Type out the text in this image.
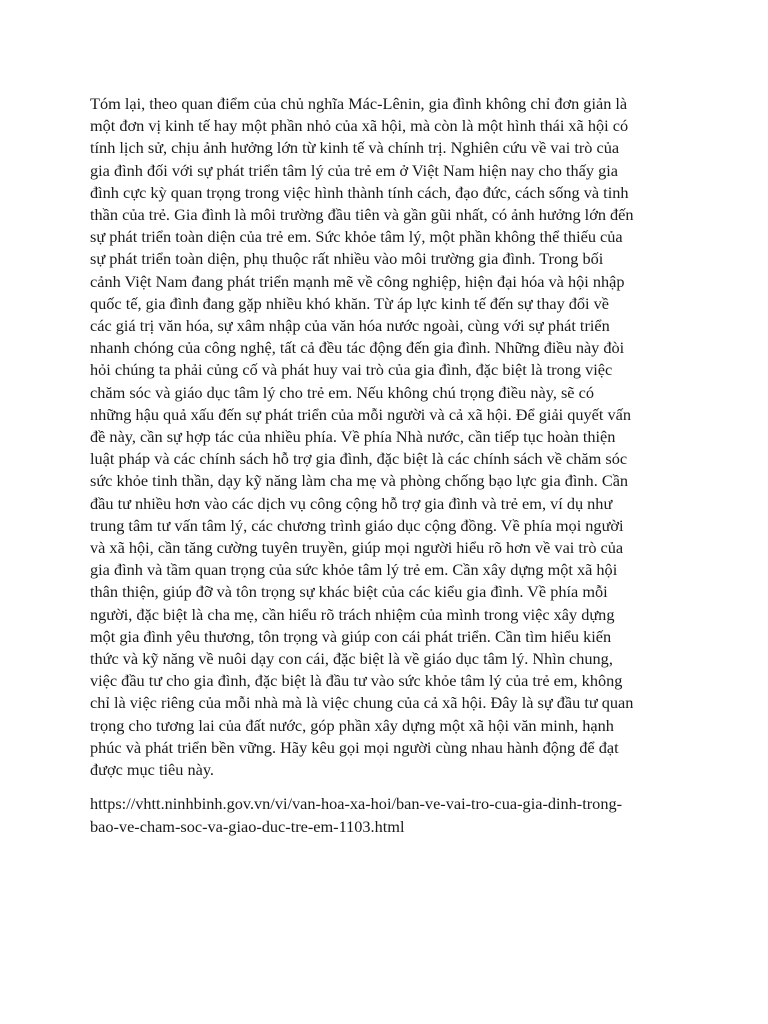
Tóm lại, theo quan điểm của chủ nghĩa Mác-Lênin, gia đình không chỉ đơn giản là
một đơn vị kinh tế hay một phần nhỏ của xã hội, mà còn là một hình thái xã hội có
tính lịch sử, chịu ảnh hưởng lớn từ kinh tế và chính trị. Nghiên cứu về vai trò của
gia đình đối với sự phát triển tâm lý của trẻ em ở Việt Nam hiện nay cho thấy gia
đình cực kỳ quan trọng trong việc hình thành tính cách, đạo đức, cách sống và tinh
thần của trẻ. Gia đình là môi trường đầu tiên và gần gũi nhất, có ảnh hưởng lớn đến
sự phát triển toàn diện của trẻ em. Sức khỏe tâm lý, một phần không thể thiếu của
sự phát triển toàn diện, phụ thuộc rất nhiều vào môi trường gia đình. Trong bối
cảnh Việt Nam đang phát triển mạnh mẽ về công nghiệp, hiện đại hóa và hội nhập
quốc tế, gia đình đang gặp nhiều khó khăn. Từ áp lực kinh tế đến sự thay đổi về
các giá trị văn hóa, sự xâm nhập của văn hóa nước ngoài, cùng với sự phát triển
nhanh chóng của công nghệ, tất cả đều tác động đến gia đình. Những điều này đòi
hỏi chúng ta phải củng cố và phát huy vai trò của gia đình, đặc biệt là trong việc
chăm sóc và giáo dục tâm lý cho trẻ em. Nếu không chú trọng điều này, sẽ có
những hậu quả xấu đến sự phát triển của mỗi người và cả xã hội. Để giải quyết vấn
đề này, cần sự hợp tác của nhiều phía. Về phía Nhà nước, cần tiếp tục hoàn thiện
luật pháp và các chính sách hỗ trợ gia đình, đặc biệt là các chính sách về chăm sóc
sức khỏe tinh thần, dạy kỹ năng làm cha mẹ và phòng chống bạo lực gia đình. Cần
đầu tư nhiều hơn vào các dịch vụ công cộng hỗ trợ gia đình và trẻ em, ví dụ như
trung tâm tư vấn tâm lý, các chương trình giáo dục cộng đồng. Về phía mọi người
và xã hội, cần tăng cường tuyên truyền, giúp mọi người hiểu rõ hơn về vai trò của
gia đình và tầm quan trọng của sức khỏe tâm lý trẻ em. Cần xây dựng một xã hội
thân thiện, giúp đỡ và tôn trọng sự khác biệt của các kiểu gia đình. Về phía mỗi
người, đặc biệt là cha mẹ, cần hiểu rõ trách nhiệm của mình trong việc xây dựng
một gia đình yêu thương, tôn trọng và giúp con cái phát triển. Cần tìm hiểu kiến
thức và kỹ năng về nuôi dạy con cái, đặc biệt là về giáo dục tâm lý. Nhìn chung,
việc đầu tư cho gia đình, đặc biệt là đầu tư vào sức khỏe tâm lý của trẻ em, không
chỉ là việc riêng của mỗi nhà mà là việc chung của cả xã hội. Đây là sự đầu tư quan
trọng cho tương lai của đất nước, góp phần xây dựng một xã hội văn minh, hạnh
phúc và phát triển bền vững. Hãy kêu gọi mọi người cùng nhau hành động để đạt
được mục tiêu này.

https://vhtt.ninhbinh.gov.vn/vi/van-hoa-xa-hoi/ban-ve-vai-tro-cua-gia-dinh-trong-
bao-ve-cham-soc-va-giao-duc-tre-em-1103.html
